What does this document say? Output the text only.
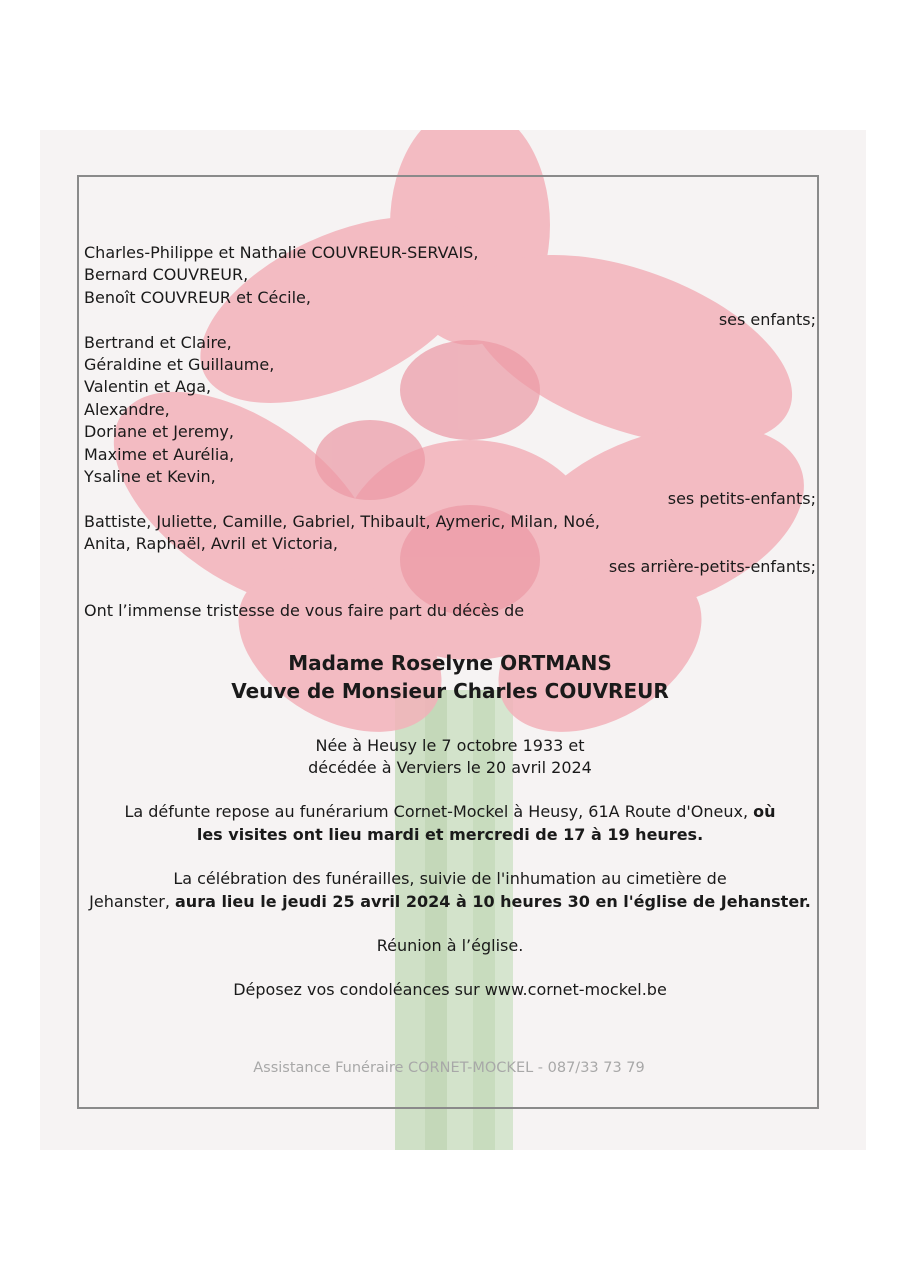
Charles-Philippe et Nathalie COUVREUR-SERVAIS,
Bernard COUVREUR,
Benoît COUVREUR et Cécile,
ses enfants;
Bertrand et Claire,
Géraldine et Guillaume,
Valentin et Aga,
Alexandre,
Doriane et Jeremy,
Maxime et Aurélia,
Ysaline et Kevin,
ses petits-enfants;
Battiste, Juliette, Camille, Gabriel, Thibault, Aymeric, Milan, Noé,
Anita, Raphaël, Avril et Victoria,
ses arrière-petits-enfants;
Ont l’immense tristesse de vous faire part du décès de
Madame Roselyne ORTMANS
Veuve de Monsieur Charles COUVREUR
Née à Heusy le 7 octobre 1933 et
décédée à Verviers le 20 avril 2024
La défunte repose au funérarium Cornet-Mockel à Heusy, 61A Route d'Oneux, où
les visites ont lieu mardi et mercredi de 17 à 19 heures.
La célébration des funérailles, suivie de l'inhumation au cimetière de
Jehanster, aura lieu le jeudi 25 avril 2024 à 10 heures 30 en l'église de Jehanster.
Réunion à l’église.
Déposez vos condoléances sur www.cornet-mockel.be
Assistance Funéraire CORNET-MOCKEL - 087/33 73 79
